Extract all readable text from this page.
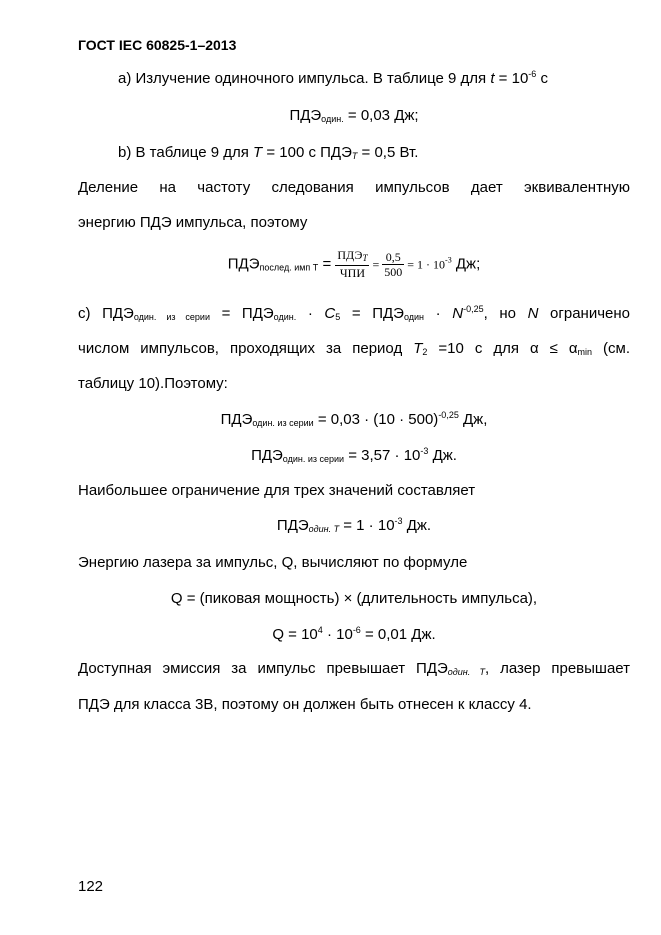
ГОСТ IEC 60825-1–2013
a) Излучение одиночного импульса. В таблице 9 для $t = 10^{-6}$ с
$ПДЭ_{один.} = 0,03$ Дж;
b) В таблице 9 для T = 100 с $ПДЭ_T = 0,5$ Вт.
Деление на частоту следования импульсов дает эквивалентную
энергию ПДЭ импульса, поэтому
$ПДЭ_{послед. имп T} = \frac{ПДЭ_T}{\text{ЧПИ}} = \frac{0,5}{500} = 1 \cdot 10^{-3}$ Дж;
c) $ПДЭ_{один. из серии} = ПДЭ_{один.} \cdot C_5 = ПДЭ_{один} \cdot N^{-0,25}$, но N ограничено
числом импульсов, проходящих за период $T_2 =10$ с для $\alpha \le \alpha_{min}$ (см.
таблицу 10).Поэтому:
$ПДЭ_{один. из серии} = 0,03 \cdot (10 \cdot 500)^{-0,25}$ Дж,
$ПДЭ_{один. из серии} = 3,57 \cdot 10^{-3}$ Дж.
Наибольшее ограничение для трех значений составляет
$ПДЭ_{один. T} = 1 \cdot 10^{-3}$ Дж.
Энергию лазера за импульс, Q, вычисляют по формуле
Q = (пиковая мощность) × (длительность импульса),
$Q = 10^4 \cdot 10^{-6} = 0,01$ Дж.
Доступная эмиссия за импульс превышает $ПДЭ_{один. T}$, лазер превышает
ПДЭ для класса 3B, поэтому он должен быть отнесен к классу 4.
122
